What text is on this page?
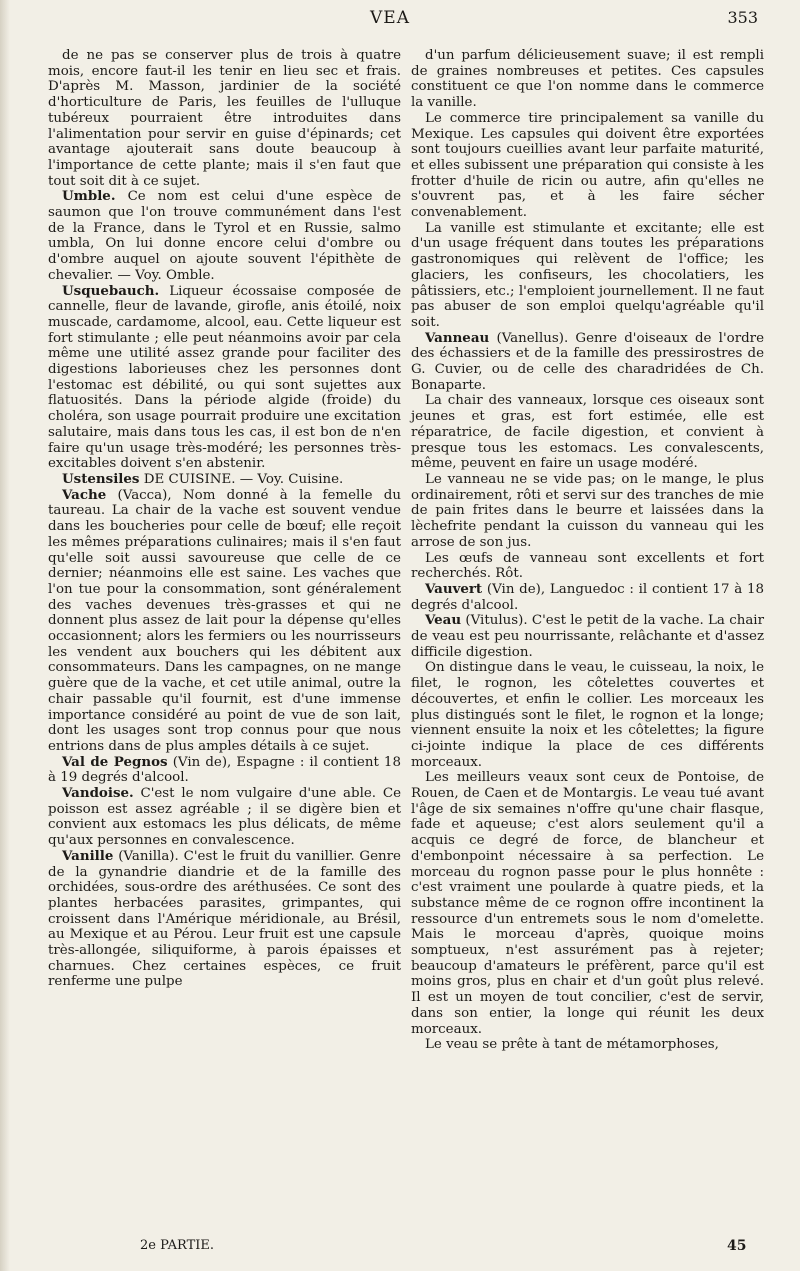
VEA	353

de ne pas se conserver plus de trois à quatre mois, encore faut-il les tenir en lieu sec et frais. D'après M. Masson, jardinier de la société d'horticulture de Paris, les feuilles de l'ulluque tubéreux pourraient être introduites dans l'alimentation pour servir en guise d'épinards; cet avantage ajouterait sans doute beaucoup à l'importance de cette plante; mais il s'en faut que tout soit dit à ce sujet.

Umble. Ce nom est celui d'une espèce de saumon que l'on trouve communément dans l'est de la France, dans le Tyrol et en Russie, salmo umbla, On lui donne encore celui d'ombre ou d'ombre auquel on ajoute souvent l'épithète de chevalier. — Voy. Omble.

Usquebauch. Liqueur écossaise composée de cannelle, fleur de lavande, girofle, anis étoilé, noix muscade, cardamome, alcool, eau. Cette liqueur est fort stimulante ; elle peut néanmoins avoir par cela même une utilité assez grande pour faciliter des digestions laborieuses chez les personnes dont l'estomac est débilité, ou qui sont sujettes aux flatuosités. Dans la période algide (froide) du choléra, son usage pourrait produire une excitation salutaire, mais dans tous les cas, il est bon de n'en faire qu'un usage très-modéré; les personnes très-excitables doivent s'en abstenir.

Ustensiles DE CUISINE. — Voy. Cuisine.

Vache (Vacca), Nom donné à la femelle du taureau. La chair de la vache est souvent vendue dans les boucheries pour celle de bœuf; elle reçoit les mêmes préparations culinaires; mais il s'en faut qu'elle soit aussi savoureuse que celle de ce dernier; néanmoins elle est saine. Les vaches que l'on tue pour la consommation, sont généralement des vaches devenues très-grasses et qui ne donnent plus assez de lait pour la dépense qu'elles occasionnent; alors les fermiers ou les nourrisseurs les vendent aux bouchers qui les débitent aux consommateurs. Dans les campagnes, on ne mange guère que de la vache, et cet utile animal, outre la chair passable qu'il fournit, est d'une immense importance considéré au point de vue de son lait, dont les usages sont trop connus pour que nous entrions dans de plus amples détails à ce sujet.

Val de Pegnos (Vin de), Espagne : il contient 18 à 19 degrés d'alcool.

Vandoise. C'est le nom vulgaire d'une able. Ce poisson est assez agréable ; il se digère bien et convient aux estomacs les plus délicats, de même qu'aux personnes en convalescence.

Vanille (Vanilla). C'est le fruit du vanillier. Genre de la gynandrie diandrie et de la famille des orchidées, sous-ordre des aréthusées. Ce sont des plantes herbacées parasites, grimpantes, qui croissent dans l'Amérique méridionale, au Brésil, au Mexique et au Pérou. Leur fruit est une capsule très-allongée, siliquiforme, à parois épaisses et charnues. Chez certaines espèces, ce fruit renferme une pulpe

d'un parfum délicieusement suave; il est rempli de graines nombreuses et petites. Ces capsules constituent ce que l'on nomme dans le commerce la vanille.

Le commerce tire principalement sa vanille du Mexique. Les capsules qui doivent être exportées sont toujours cueillies avant leur parfaite maturité, et elles subissent une préparation qui consiste à les frotter d'huile de ricin ou autre, afin qu'elles ne s'ouvrent pas, et à les faire sécher convenablement.

La vanille est stimulante et excitante; elle est d'un usage fréquent dans toutes les préparations gastronomiques qui relèvent de l'office; les glaciers, les confiseurs, les chocolatiers, les pâtissiers, etc.; l'emploient journellement. Il ne faut pas abuser de son emploi quelqu'agréable qu'il soit.

Vanneau (Vanellus). Genre d'oiseaux de l'ordre des échassiers et de la famille des pressirostres de G. Cuvier, ou de celle des charadridées de Ch. Bonaparte.

La chair des vanneaux, lorsque ces oiseaux sont jeunes et gras, est fort estimée, elle est réparatrice, de facile digestion, et convient à presque tous les estomacs. Les convalescents, même, peuvent en faire un usage modéré.

Le vanneau ne se vide pas; on le mange, le plus ordinairement, rôti et servi sur des tranches de mie de pain frites dans le beurre et laissées dans la lèchefrite pendant la cuisson du vanneau qui les arrose de son jus.

Les œufs de vanneau sont excellents et fort recherchés. Rôt.

Vauvert (Vin de), Languedoc : il contient 17 à 18 degrés d'alcool.

Veau (Vitulus). C'est le petit de la vache. La chair de veau est peu nourrissante, relâchante et d'assez difficile digestion.

On distingue dans le veau, le cuisseau, la noix, le filet, le rognon, les côtelettes couvertes et découvertes, et enfin le collier. Les morceaux les plus distingués sont le filet, le rognon et la longe; viennent ensuite la noix et les côtelettes; la figure ci-jointe indique la place de ces différents morceaux.

Les meilleurs veaux sont ceux de Pontoise, de Rouen, de Caen et de Montargis. Le veau tué avant l'âge de six semaines n'offre qu'une chair flasque, fade et aqueuse; c'est alors seulement qu'il a acquis ce degré de force, de blancheur et d'embonpoint nécessaire à sa perfection. Le morceau du rognon passe pour le plus honnête : c'est vraiment une poularde à quatre pieds, et la substance même de ce rognon offre incontinent la ressource d'un entremets sous le nom d'omelette. Mais le morceau d'après, quoique moins somptueux, n'est assurément pas à rejeter; beaucoup d'amateurs le préfèrent, parce qu'il est moins gros, plus en chair et d'un goût plus relevé. Il est un moyen de tout concilier, c'est de servir, dans son entier, la longe qui réunit les deux morceaux.

Le veau se prête à tant de métamorphoses,

2e PARTIE.	45
